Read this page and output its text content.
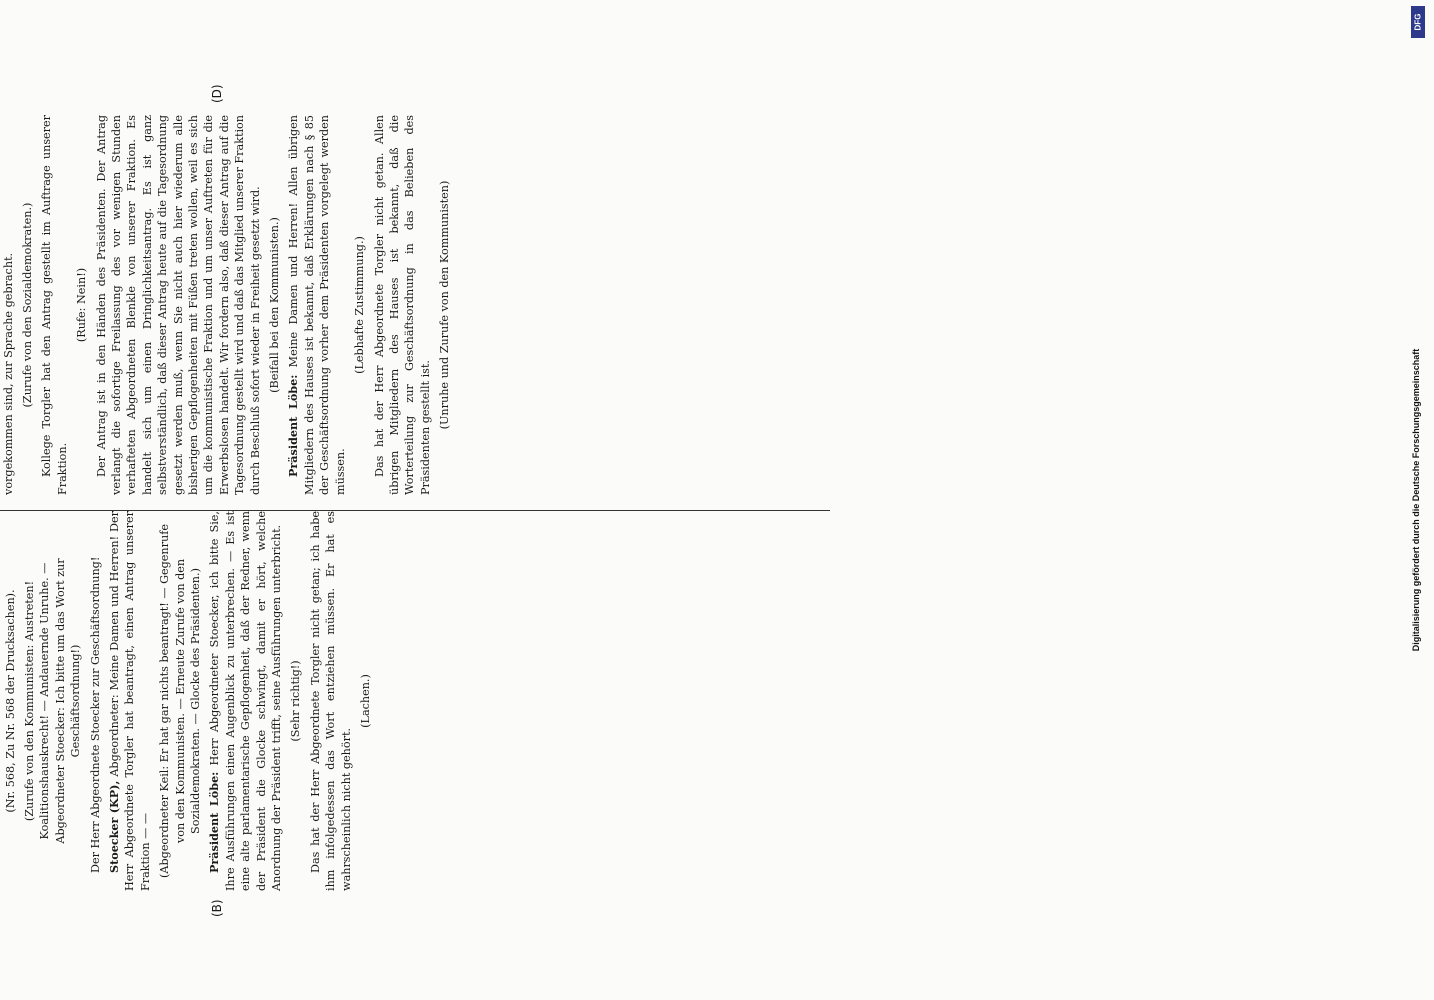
(B)
(D)

(Nr. 568, Zu Nr. 568 der Drucksachen). (Zurufe von den Kommunisten: Austreten! Koalitionshauskrecht! — Andauernde Unruhe. — Abgeordneter Stoecker: Ich bitte um das Wort zur Geschäftsordnung!) Der Herr Abgeordnete Stoecker zur Geschäftsordnung! Stoecker (KP), Abgeordneter: Meine Damen und Herren! Der Herr Abgeordnete Torgler hat beantragt, einen Antrag unserer Fraktion — — (Abgeordneter Keil: Er hat gar nichts beantragt! — Gegenrufe von den Kommunisten. — Erneute Zurufe von den Sozialdemokraten. — Glocke des Präsidenten.) Präsident Löbe: Herr Abgeordneter Stoecker, ich bitte Sie, Ihre Ausführungen einen Augenblick zu unterbrechen. — Es ist eine alte parlamentarische Gepflogenheit, daß der Redner, wenn der Präsident die Glocke schwingt, damit er hört, welche Anordnung der Präsident trifft, seine Ausführungen unterbricht. (Sehr richtig!) Das hat der Herr Abgeordnete Torgler nicht getan; ich habe ihm infolgedessen das Wort entziehen müssen. Er hat es wahrscheinlich nicht gehört.

(Lachen.)

vorgekommen sind, zur Sprache gebracht. (Zurufe von den Sozialdemokraten.) Kollege Torgler hat den Antrag gestellt im Auftrage unserer Fraktion.

(Rufe: Nein!) Der Antrag ist in den Händen des Präsidenten. Der Antrag verlangt die sofortige Freilassung des vor wenigen Stunden verhafteten Abgeordneten Blenkle von unserer Fraktion. Es handelt sich um einen Dringlichkeitsantrag. Es ist ganz selbstverständlich, daß dieser Antrag heute auf die Tagesordnung gesetzt werden muß, wenn Sie nicht auch hier wiederum alle bisherigen Gepflogenheiten mit Füßen treten wollen, weil es sich um die kommunistische Fraktion und um unser Auftreten für die Erwerbslosen handelt. Wir fordern also, daß dieser Antrag auf die Tagesordnung gestellt wird und daß das Mitglied unserer Fraktion durch Beschluß sofort wieder in Freiheit gesetzt wird. (Beifall bei den Kommunisten.)

Präsident Löbe: Meine Damen und Herren! Allen übrigen Mitgliedern des Hauses ist bekannt, daß Erklärungen nach § 85 der Geschäftsordnung vorher dem Präsidenten vorgelegt werden müssen.

(Lebhafte Zustimmung.) Das hat der Herr Abgeordnete Torgler nicht getan. Allen übrigen Mitgliedern des Hauses ist bekannt, daß die Worterteilung zur Geschäftsordnung in das Belieben des Präsidenten gestellt ist. (Unruhe und Zurufe von den Kommunisten)

DFG
Digitalisierung gefördert durch die Deutsche Forschungsgemeinschaft
